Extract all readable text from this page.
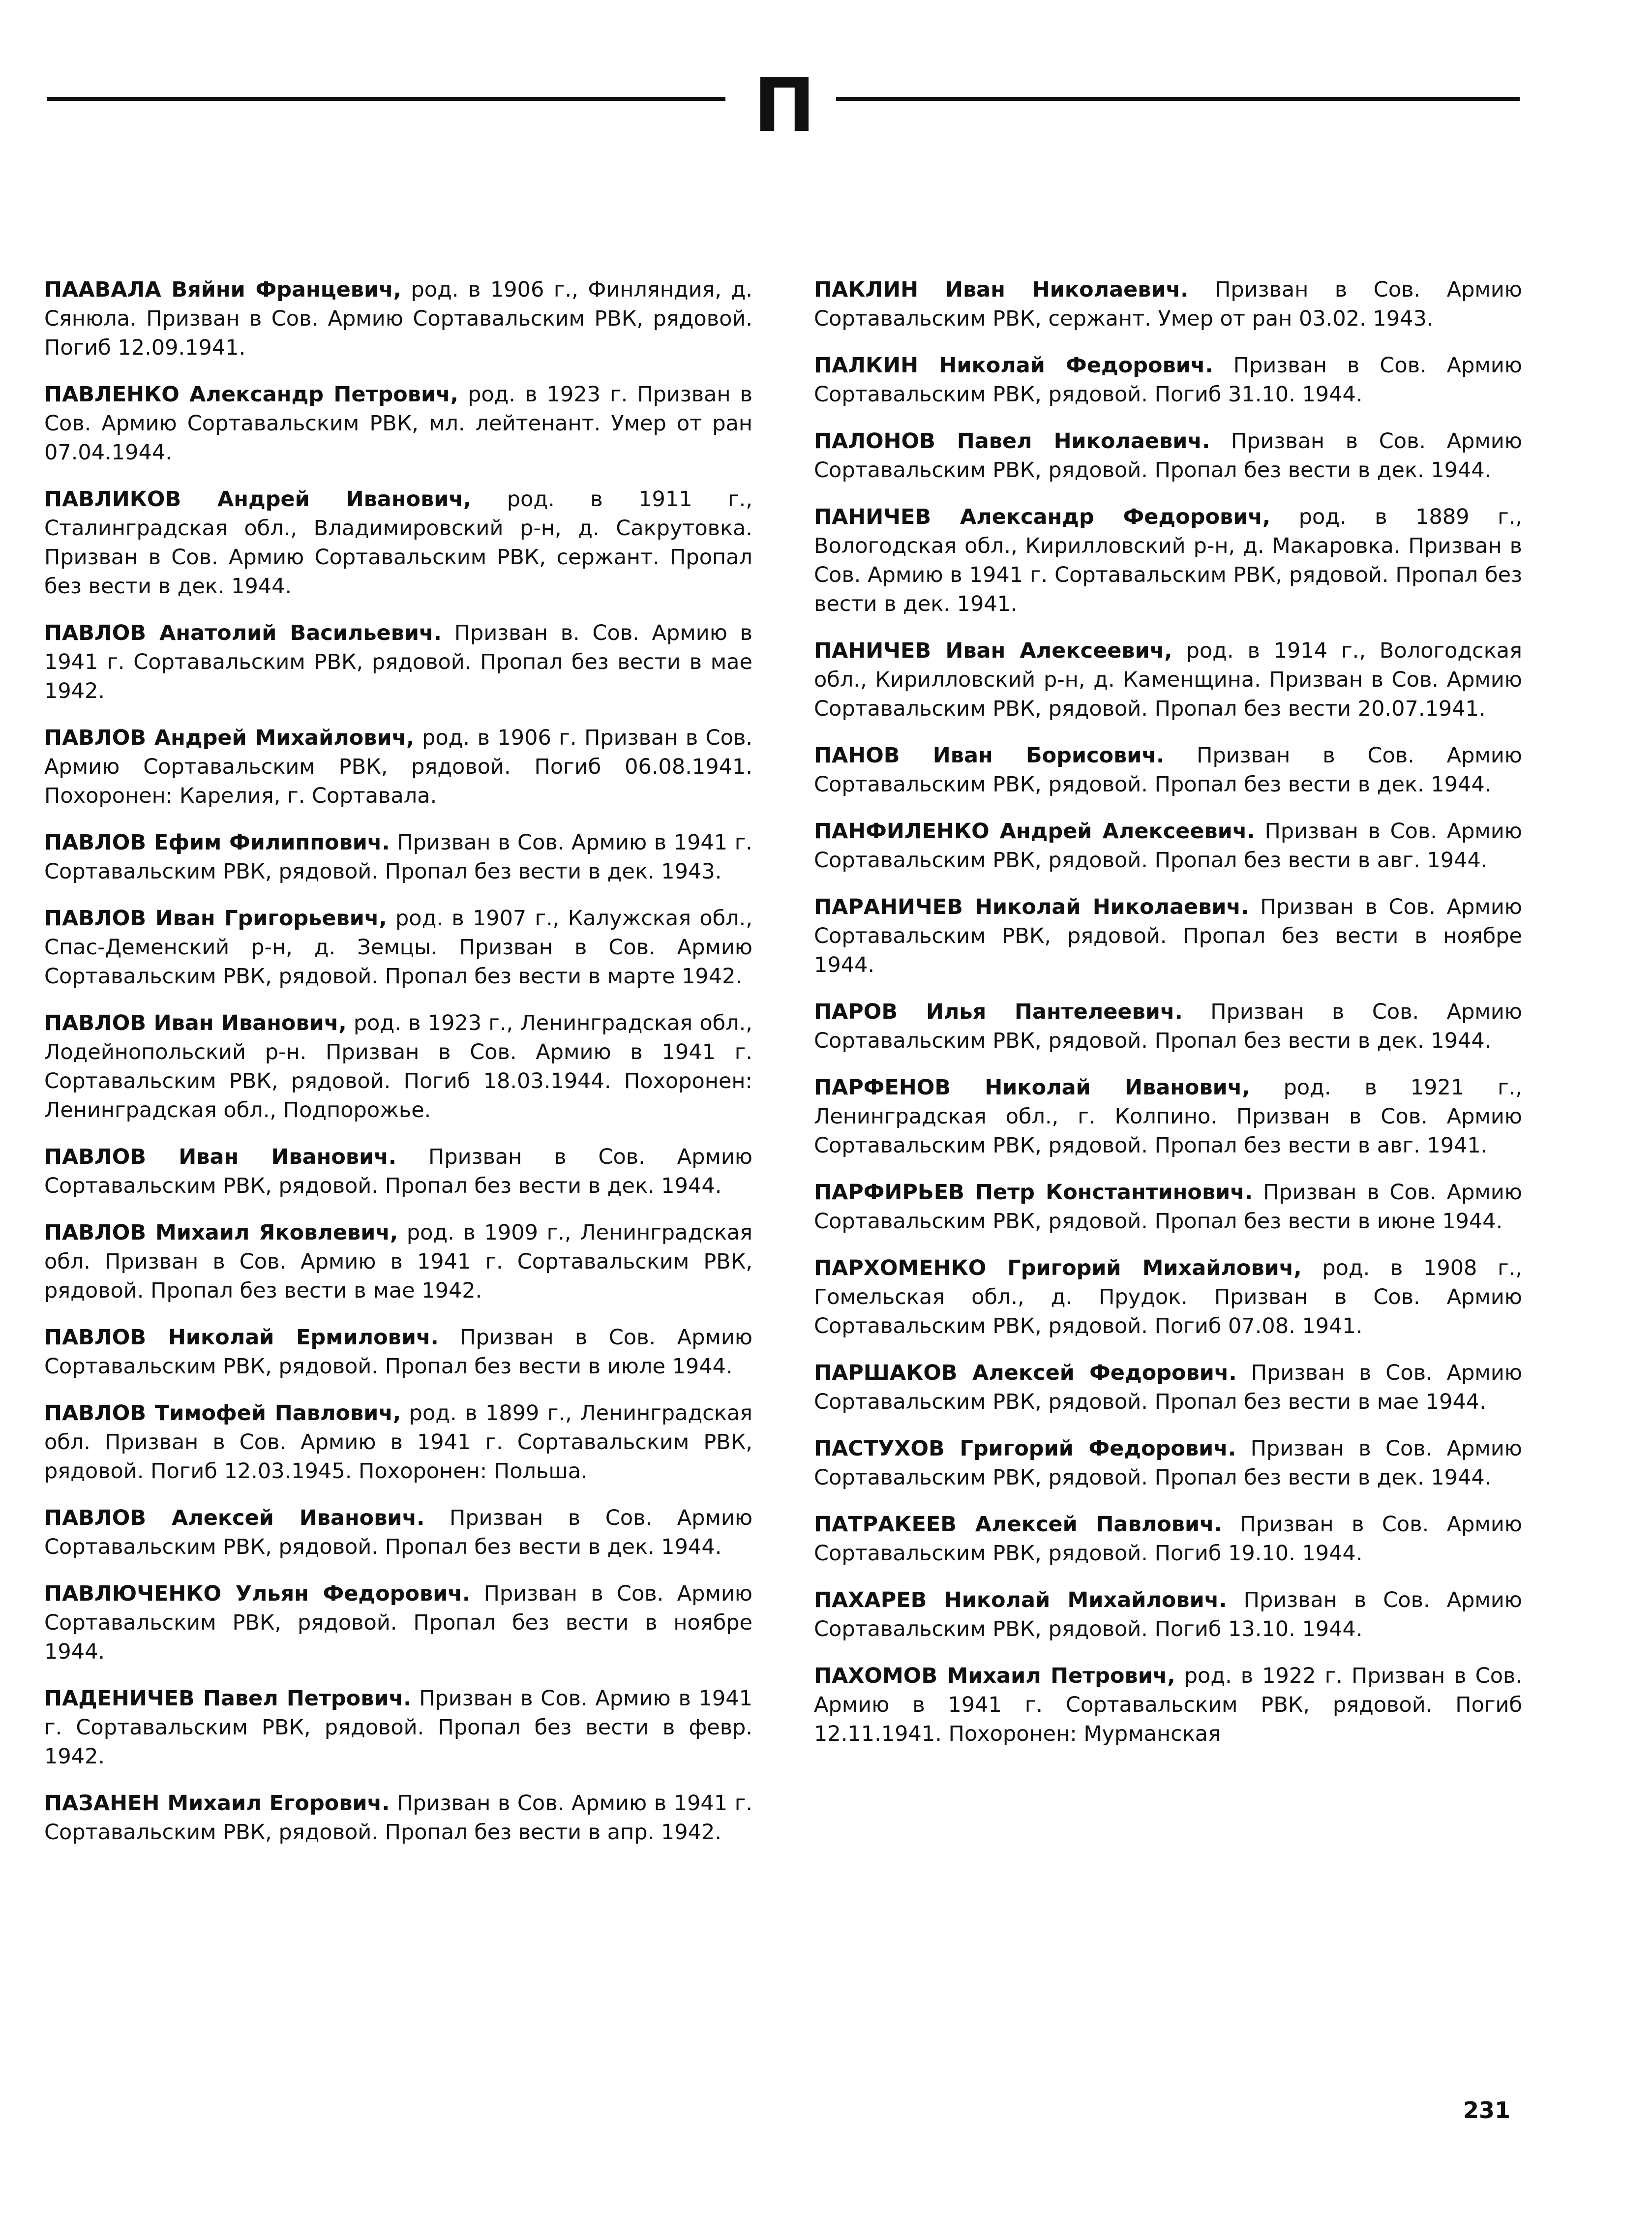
П

ПААВАЛА Вяйни Францевич, род. в 1906 г., Финляндия, д. Сянюла. Призван в Сов. Армию Сортавальским РВК, рядовой. Погиб 12.09.1941.

ПАВЛЕНКО Александр Петрович, род. в 1923 г. Призван в Сов. Армию Сортавальским РВК, мл. лейтенант. Умер от ран 07.04.1944.

ПАВЛИКОВ Андрей Иванович, род. в 1911 г., Сталинградская обл., Владимировский р-н, д. Сакрутовка. Призван в Сов. Армию Сортавальским РВК, сержант. Пропал без вести в дек. 1944.

ПАВЛОВ Анатолий Васильевич. Призван в. Сов. Армию в 1941 г. Сортавальским РВК, рядовой. Пропал без вести в мае 1942.

ПАВЛОВ Андрей Михайлович, род. в 1906 г. Призван в Сов. Армию Сортавальским РВК, рядовой. Погиб 06.08.1941. Похоронен: Карелия, г. Сортавала.

ПАВЛОВ Ефим Филиппович. Призван в Сов. Армию в 1941 г. Сортавальским РВК, рядовой. Пропал без вести в дек. 1943.

ПАВЛОВ Иван Григорьевич, род. в 1907 г., Калужская обл., Спас-Деменский р-н, д. Земцы. Призван в Сов. Армию Сортавальским РВК, рядовой. Пропал без вести в марте 1942.

ПАВЛОВ Иван Иванович, род. в 1923 г., Ленинградская обл., Лодейнопольский р-н. Призван в Сов. Армию в 1941 г. Сортавальским РВК, рядовой. Погиб 18.03.1944. Похоронен: Ленинградская обл., Подпорожье.

ПАВЛОВ Иван Иванович. Призван в Сов. Армию Сортавальским РВК, рядовой. Пропал без вести в дек. 1944.

ПАВЛОВ Михаил Яковлевич, род. в 1909 г., Ленинградская обл. Призван в Сов. Армию в 1941 г. Сортавальским РВК, рядовой. Пропал без вести в мае 1942.

ПАВЛОВ Николай Ермилович. Призван в Сов. Армию Сортавальским РВК, рядовой. Пропал без вести в июле 1944.

ПАВЛОВ Тимофей Павлович, род. в 1899 г., Ленинградская обл. Призван в Сов. Армию в 1941 г. Сортавальским РВК, рядовой. Погиб 12.03.1945. Похоронен: Польша.

ПАВЛОВ Алексей Иванович. Призван в Сов. Армию Сортавальским РВК, рядовой. Пропал без вести в дек. 1944.

ПАВЛЮЧЕНКО Ульян Федорович. Призван в Сов. Армию Сортавальским РВК, рядовой. Пропал без вести в ноябре 1944.

ПАДЕНИЧЕВ Павел Петрович. Призван в Сов. Армию в 1941 г. Сортавальским РВК, рядовой. Пропал без вести в февр. 1942.

ПАЗАНЕН Михаил Егорович. Призван в Сов. Армию в 1941 г. Сортавальским РВК, рядовой. Пропал без вести в апр. 1942.

ПАКЛИН Иван Николаевич. Призван в Сов. Армию Сортавальским РВК, сержант. Умер от ран 03.02. 1943.

ПАЛКИН Николай Федорович. Призван в Сов. Армию Сортавальским РВК, рядовой. Погиб 31.10. 1944.

ПАЛОНОВ Павел Николаевич. Призван в Сов. Армию Сортавальским РВК, рядовой. Пропал без вести в дек. 1944.

ПАНИЧЕВ Александр Федорович, род. в 1889 г., Вологодская обл., Кирилловский р-н, д. Макаровка. Призван в Сов. Армию в 1941 г. Сортавальским РВК, рядовой. Пропал без вести в дек. 1941.

ПАНИЧЕВ Иван Алексеевич, род. в 1914 г., Вологодская обл., Кирилловский р-н, д. Каменщина. Призван в Сов. Армию Сортавальским РВК, рядовой. Пропал без вести 20.07.1941.

ПАНОВ Иван Борисович. Призван в Сов. Армию Сортавальским РВК, рядовой. Пропал без вести в дек. 1944.

ПАНФИЛЕНКО Андрей Алексеевич. Призван в Сов. Армию Сортавальским РВК, рядовой. Пропал без вести в авг. 1944.

ПАРАНИЧЕВ Николай Николаевич. Призван в Сов. Армию Сортавальским РВК, рядовой. Пропал без вести в ноябре 1944.

ПАРОВ Илья Пантелеевич. Призван в Сов. Армию Сортавальским РВК, рядовой. Пропал без вести в дек. 1944.

ПАРФЕНОВ Николай Иванович, род. в 1921 г., Ленинградская обл., г. Колпино. Призван в Сов. Армию Сортавальским РВК, рядовой. Пропал без вести в авг. 1941.

ПАРФИРЬЕВ Петр Константинович. Призван в Сов. Армию Сортавальским РВК, рядовой. Пропал без вести в июне 1944.

ПАРХОМЕНКО Григорий Михайлович, род. в 1908 г., Гомельская обл., д. Прудок. Призван в Сов. Армию Сортавальским РВК, рядовой. Погиб 07.08. 1941.

ПАРШАКОВ Алексей Федорович. Призван в Сов. Армию Сортавальским РВК, рядовой. Пропал без вести в мае 1944.

ПАСТУХОВ Григорий Федорович. Призван в Сов. Армию Сортавальским РВК, рядовой. Пропал без вести в дек. 1944.

ПАТРАКЕЕВ Алексей Павлович. Призван в Сов. Армию Сортавальским РВК, рядовой. Погиб 19.10. 1944.

ПАХАРЕВ Николай Михайлович. Призван в Сов. Армию Сортавальским РВК, рядовой. Погиб 13.10. 1944.

ПАХОМОВ Михаил Петрович, род. в 1922 г. Призван в Сов. Армию в 1941 г. Сортавальским РВК, рядовой. Погиб 12.11.1941. Похоронен: Мурманская

231
